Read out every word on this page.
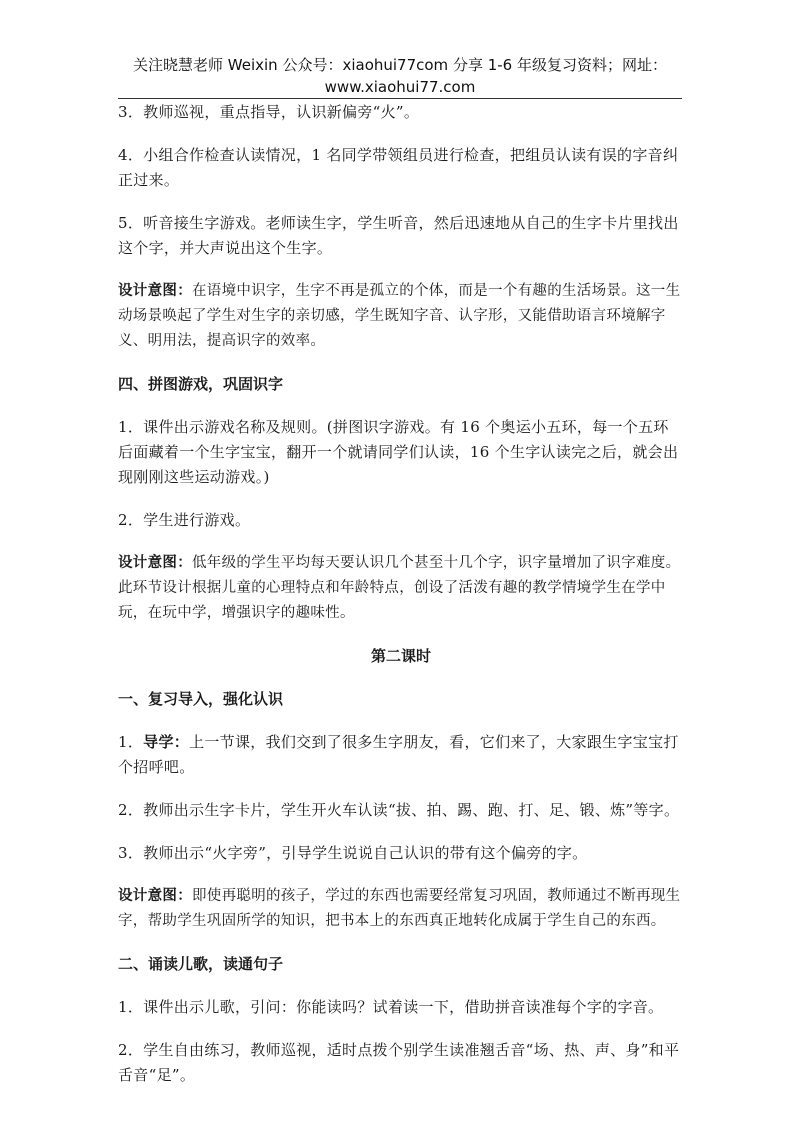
关注晓慧老师 Weixin 公众号：xiaohui77com 分享 1-6 年级复习资料；网址：
www.xiaohui77.com

3．教师巡视，重点指导，认识新偏旁“火”。

4．小组合作检查认读情况，1 名同学带领组员进行检查，把组员认读有误的字音纠正过来。

5．听音接生字游戏。老师读生字，学生听音，然后迅速地从自己的生字卡片里找出这个字，并大声说出这个生字。

设计意图：在语境中识字，生字不再是孤立的个体，而是一个有趣的生活场景。这一生动场景唤起了学生对生字的亲切感，学生既知字音、认字形，又能借助语言环境解字义、明用法，提高识字的效率。

四、拼图游戏，巩固识字

1．课件出示游戏名称及规则。(拼图识字游戏。有 16 个奥运小五环，每一个五环后面藏着一个生字宝宝，翻开一个就请同学们认读，16 个生字认读完之后，就会出现刚刚这些运动游戏。)

2．学生进行游戏。

设计意图：低年级的学生平均每天要认识几个甚至十几个字，识字量增加了识字难度。此环节设计根据儿童的心理特点和年龄特点，创设了活泼有趣的教学情境学生在学中玩，在玩中学，增强识字的趣味性。

第二课时

一、复习导入，强化认识

1．导学：上一节课，我们交到了很多生字朋友，看，它们来了，大家跟生字宝宝打个招呼吧。

2．教师出示生字卡片，学生开火车认读“拔、拍、踢、跑、打、足、锻、炼”等字。

3．教师出示“火字旁”，引导学生说说自己认识的带有这个偏旁的字。

设计意图：即使再聪明的孩子，学过的东西也需要经常复习巩固，教师通过不断再现生字，帮助学生巩固所学的知识，把书本上的东西真正地转化成属于学生自己的东西。

二、诵读儿歌，读通句子

1．课件出示儿歌，引问：你能读吗？试着读一下，借助拼音读准每个字的字音。

2．学生自由练习，教师巡视，适时点拨个别学生读准翘舌音“场、热、声、身”和平舌音“足”。
